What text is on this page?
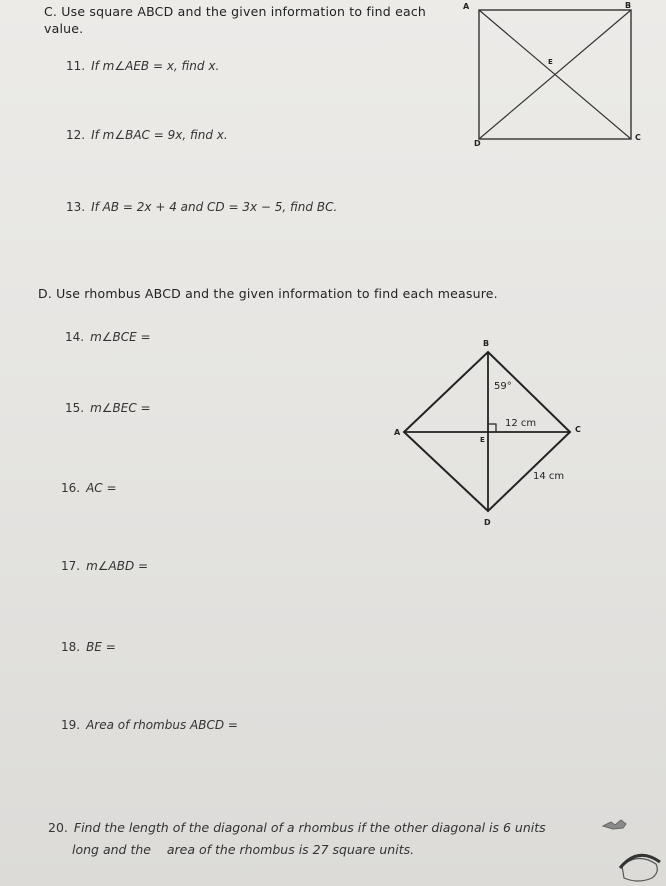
C. Use square ABCD and the given information to find each
value.
11. If m∠AEB = x, find x.
12. If m∠BAC = 9x, find x.
13. If AB = 2x + 4 and CD = 3x − 5, find BC.
A	B
C
D
E
D. Use rhombus ABCD and the given information to find each measure.
14. m∠BCE =
15. m∠BEC =
16. AC =
17. m∠ABD =
18. BE =
19. Area of rhombus ABCD =
20. Find the length of the diagonal of a rhombus if the other diagonal is 6 units
long and the    area of the rhombus is 27 square units.
B
C
D
A
E
59°
12 cm
14 cm
